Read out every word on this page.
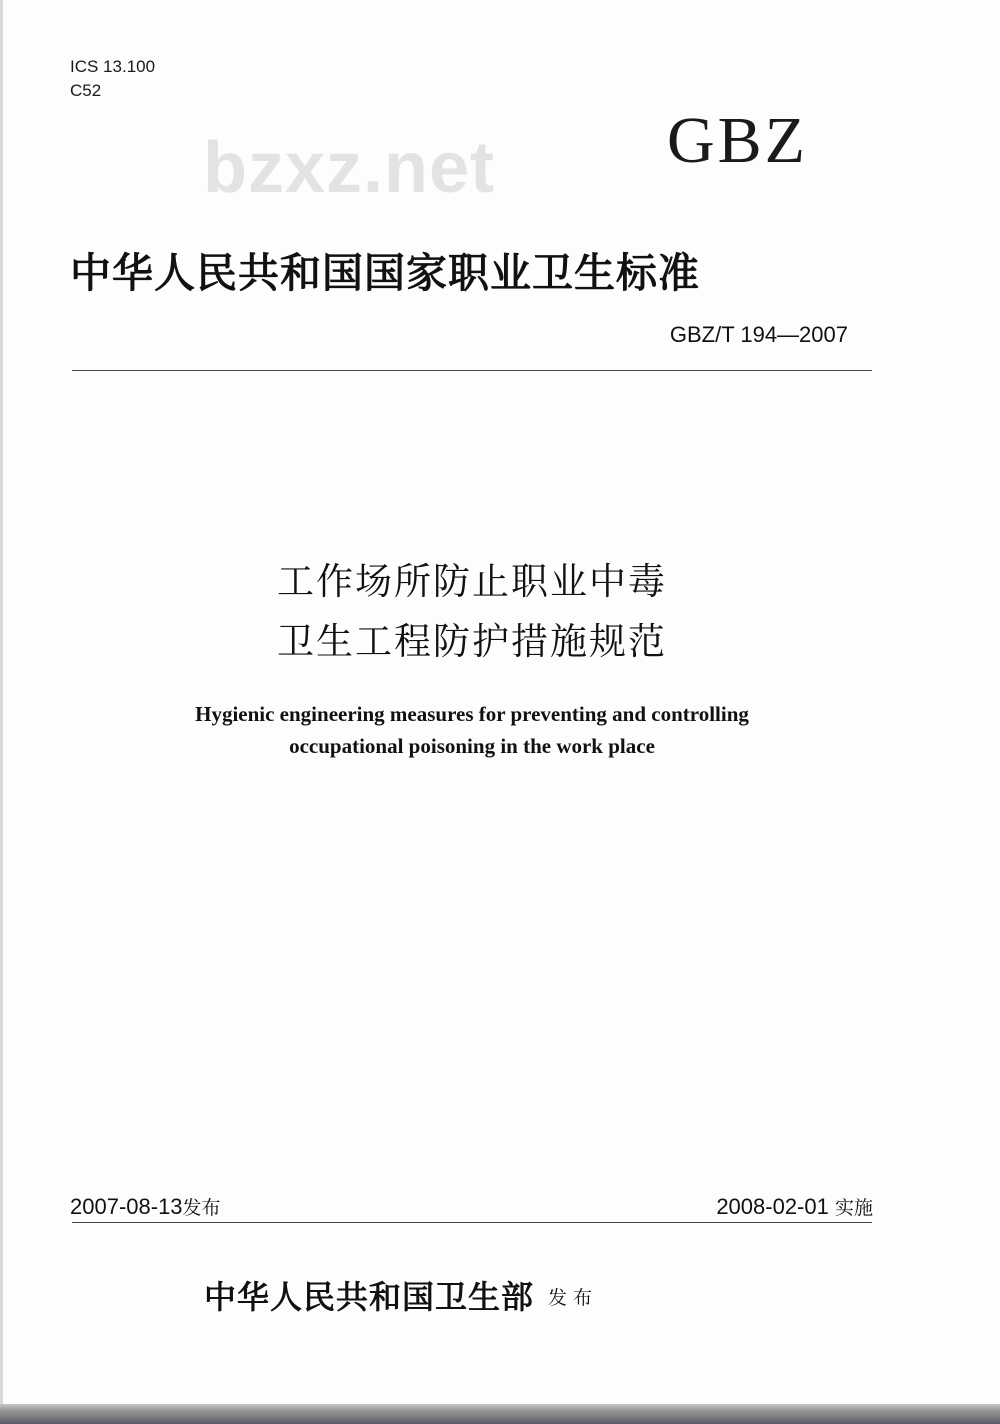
ICS 13.100
C52
bzxz.net	GBZ
中华人民共和国国家职业卫生标准
GBZ/T 194—2007
工作场所防止职业中毒
卫生工程防护措施规范
Hygienic engineering measures for preventing and controlling
occupational poisoning in the work place
2007-08-13发布	2008-02-01 实施
中华人民共和国卫生部 发布
